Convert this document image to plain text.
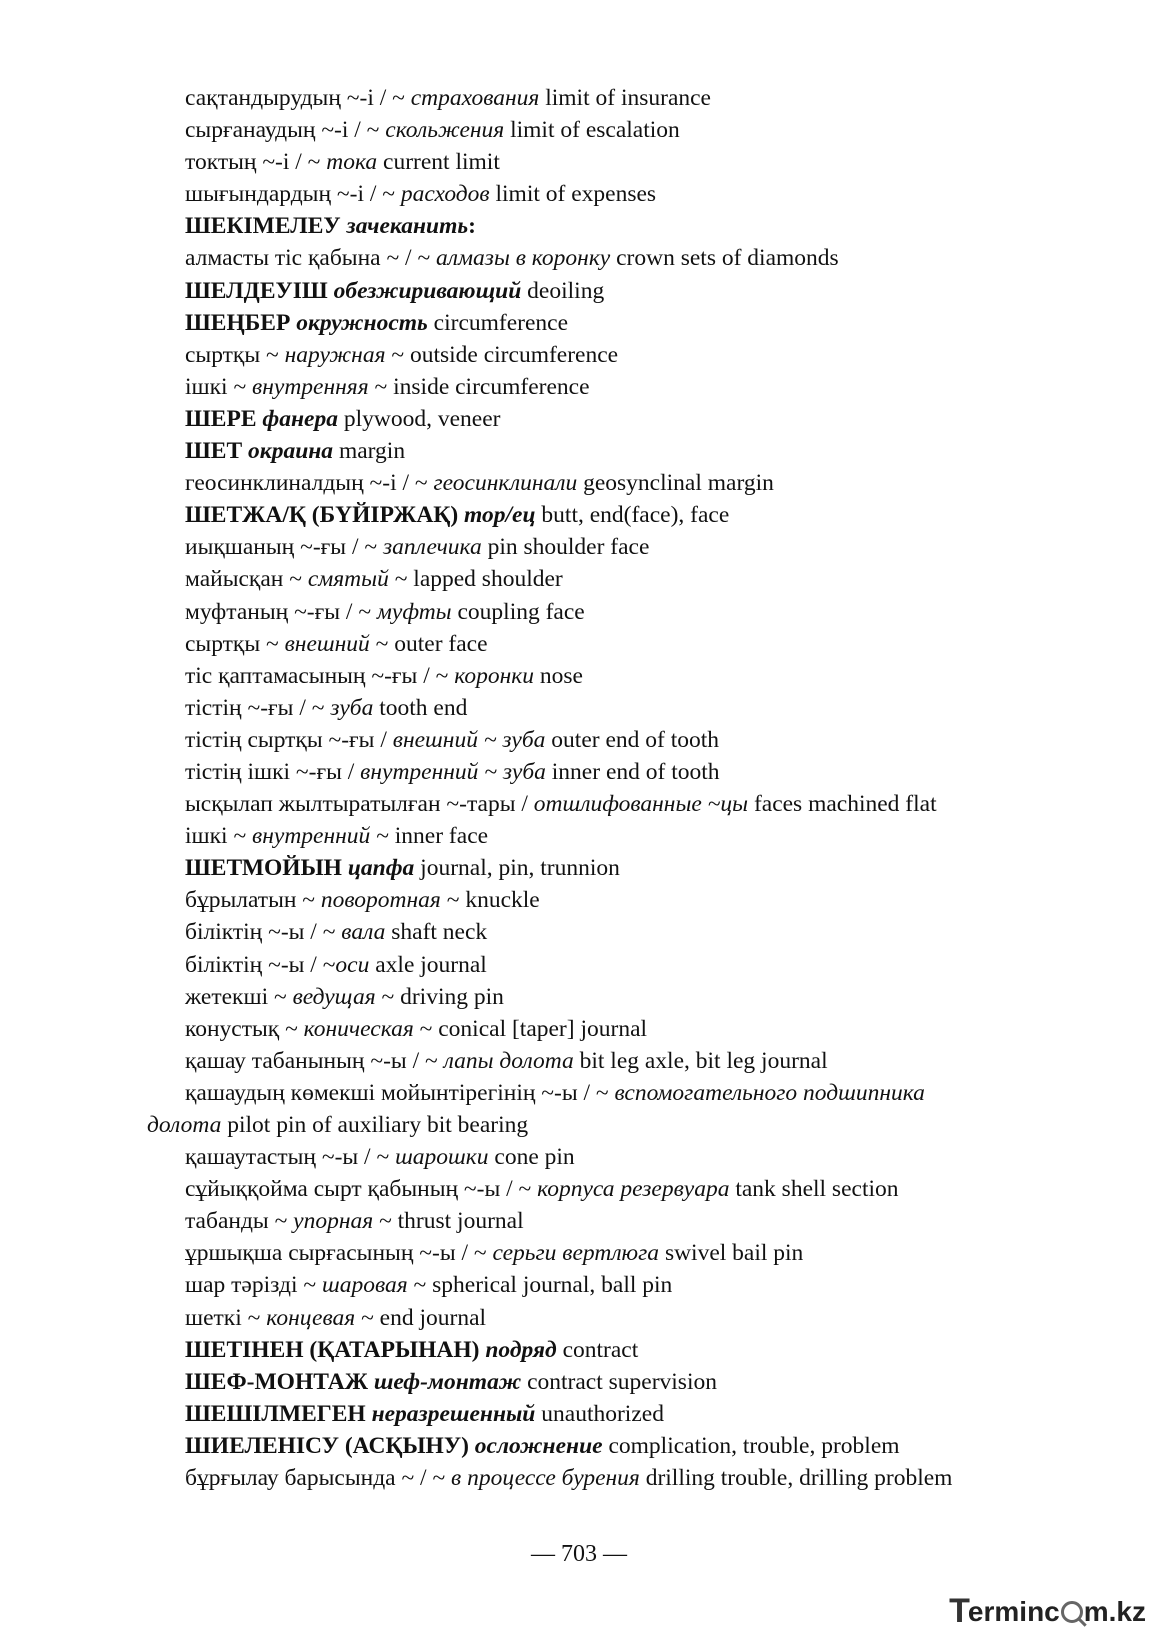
сақтандырудың ~-і / ~ страхования limit of insurance
сырғанаудың ~-і / ~ скольжения limit of escalation
токтың ~-і / ~ тока current limit
шығындардың ~-і / ~ расходов limit of expenses
ШЕКІМЕЛЕУ зачеканить:
алмасты тіс қабына ~ / ~ алмазы в коронку crown sets of diamonds
ШЕЛДЕУІШ обезжиривающий deoiling
ШЕҢБЕР окружность circumference
сыртқы ~ наружная ~ outside circumference
ішкі ~ внутренняя ~ inside circumference
ШЕРЕ фанера plywood, veneer
ШЕТ окраина margin
геосинклиналдың ~-і / ~ геосинклинали geosynclinal margin
ШЕТЖА/Қ (БҮЙІРЖАҚ) тор/ец butt, end(face), face
иықшаның ~-ғы / ~ заплечика pin shoulder face
майысқан ~ смятый ~ lapped shoulder
муфтаның ~-ғы / ~ муфты coupling face
сыртқы ~ внешний ~ outer face
тіс қаптамасының ~-ғы / ~ коронки nose
тістің ~-ғы / ~ зуба tooth end
тістің сыртқы ~-ғы / внешний ~ зуба outer end of tooth
тістің ішкі ~-ғы / внутренний ~ зуба inner end of tooth
ысқылап жылтыратылған ~-тары / отшлифованные ~цы faces machined flat
ішкі ~ внутренний ~ inner face
ШЕТМОЙЫН цапфа journal, pin, trunnion
бұрылатын ~ поворотная ~ knuckle
біліктің ~-ы / ~ вала shaft neck
біліктің ~-ы / ~оси axle journal
жетекші ~ ведущая ~ driving pin
конустық ~ коническая ~ conical [taper] journal
қашау табанының ~-ы / ~ лапы долота bit leg axle, bit leg journal
қашаудың көмекші мойынтірегінің ~-ы / ~ вспомогательного подшипника
долота pilot pin of auxiliary bit bearing
қашаутастың ~-ы / ~ шарошки cone pin
сұйыққойма сырт қабының ~-ы / ~ корпуса резервуара tank shell section
табанды ~ упорная ~ thrust journal
ұршықша сырғасының ~-ы / ~ серьги вертлюга swivel bail pin
шар тәрізді ~ шаровая ~ spherical journal, ball pin
шеткі ~ концевая ~ end journal
ШЕТІНЕН (ҚАТАРЫНАН) подряд contract
ШЕФ-МОНТАЖ шеф-монтаж contract supervision
ШЕШІЛМЕГЕН неразрешенный unauthorized
ШИЕЛЕНІСУ (АСҚЫНУ) осложнение complication, trouble, problem
бұрғылау барысында ~ / ~ в процессе бурения drilling trouble, drilling problem
— 703 —
T
erminc m.kz
